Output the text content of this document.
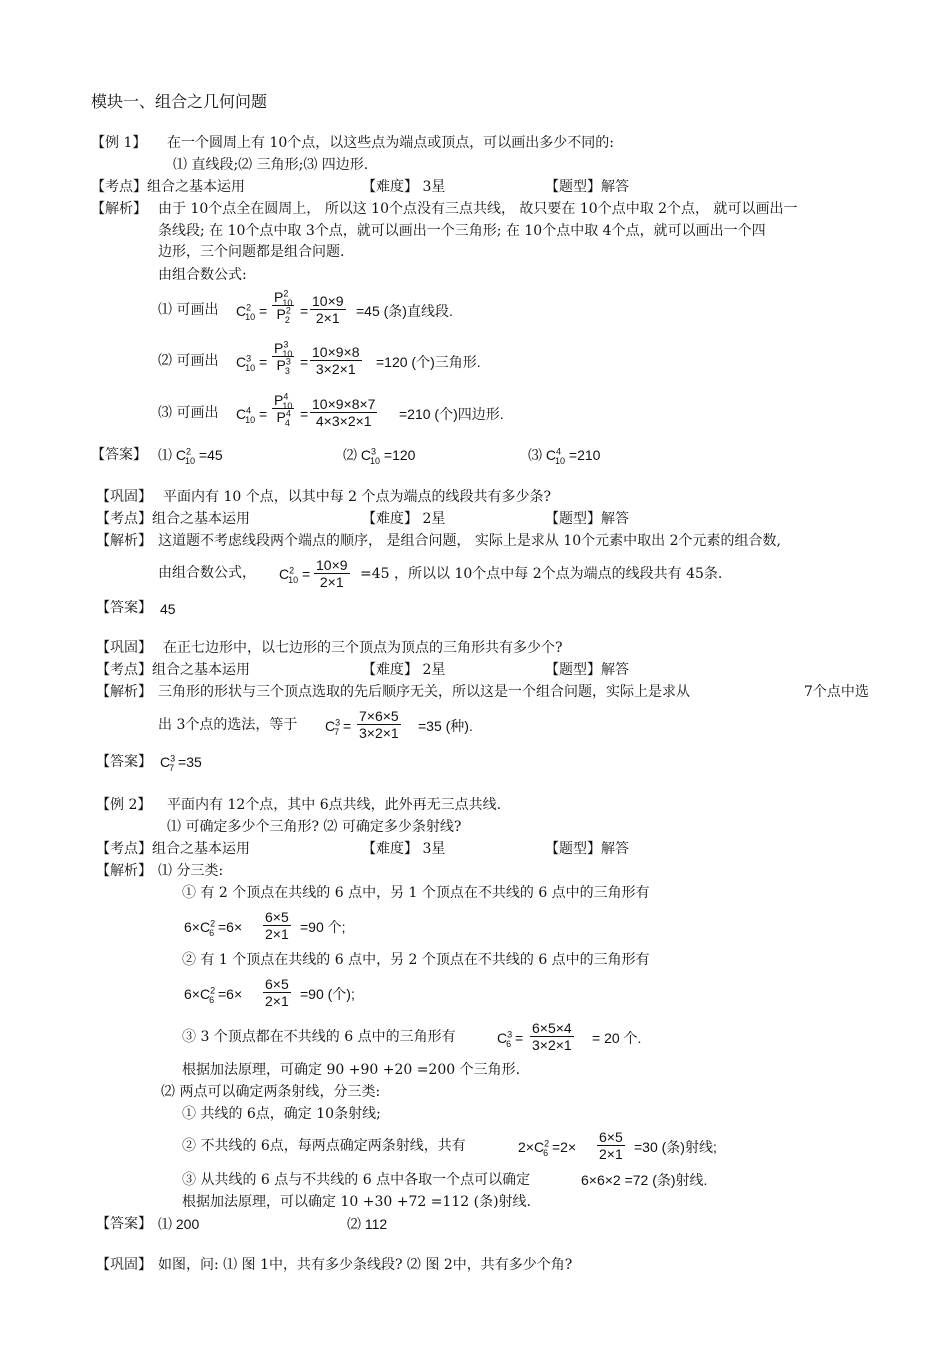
模块一、组合之几何问题
【例 1】 在一个圆周上有 10个点，以这些点为端点或顶点，可以画出多少不同的:
⑴ 直线段;⑵ 三角形;⑶ 四边形.
【考点】组合之基本运用	【难度】 3星	【题型】解答
【解析】 由于 10个点全在圆周上， 所以这 10个点没有三点共线， 故只要在 10个点中取 2个点， 就可以画出一
条线段; 在 10个点中取 3个点，就可以画出一个三角形; 在 10个点中取 4个点，就可以画出一个四
边形，三个问题都是组合问题.
由组合数公式:
⑴ 可画出 $C^2_{10} = \frac{P^2_{10}}{P^2_2} = \frac{10\times 9}{2\times 1} =45$ (条)直线段.
⑵ 可画出 $C^3_{10} = \frac{P^3_{10}}{P^3_3} = \frac{10\times 9\times 8}{3\times 2\times 1} =120$ (个)三角形.
⑶ 可画出 $C^4_{10} = \frac{P^4_{10}}{P^4_4} = \frac{10\times 9\times 8\times 7}{4\times 3\times 2\times 1} =210$ (个)四边形.
【答案】 ⑴ $C^2_{10} =45$	⑵ $C^3_{10} =120$	⑶ $C^4_{10} =210$
【巩固】 平面内有 10 个点，以其中每 2 个点为端点的线段共有多少条?
【考点】组合之基本运用	【难度】 2星	【题型】解答
【解析】 这道题不考虑线段两个端点的顺序， 是组合问题， 实际上是求从 10个元素中取出 2个元素的组合数,
由组合数公式， $C^2_{10} = \frac{10\times 9}{2\times 1} =45$ ，所以以 10个点中每 2个点为端点的线段共有 45条.
【答案】 45
【巩固】 在正七边形中，以七边形的三个顶点为顶点的三角形共有多少个?
【考点】组合之基本运用	【难度】 2星	【题型】解答
【解析】 三角形的形状与三个顶点选取的先后顺序无关，所以这是一个组合问题，实际上是求从	7个点中选
出 3个点的选法，等于 $C^3_7 = \frac{7\times 6\times 5}{3\times 2\times 1} =35$ (种).
【答案】 $C^3_7 =35$
【例 2】 平面内有 12个点，其中 6点共线，此外再无三点共线.
⑴ 可确定多少个三角形? ⑵ 可确定多少条射线?
【考点】组合之基本运用	【难度】 3星	【题型】解答
【解析】 ⑴ 分三类:
① 有 2 个顶点在共线的 6 点中，另 1 个顶点在不共线的 6 点中的三角形有
$6\times C^2_6 =6\times \frac{6\times 5}{2\times 1} =90$ 个;
② 有 1 个顶点在共线的 6 点中，另 2 个顶点在不共线的 6 点中的三角形有
$6\times C^2_6 =6\times \frac{6\times 5}{2\times 1} =90$ (个);
③ 3 个顶点都在不共线的 6 点中的三角形有	$C^3_6 = \frac{6\times 5\times 4}{3\times 2\times 1} = 20$ 个.
根据加法原理，可确定 90 +90 +20 =200 个三角形.
⑵ 两点可以确定两条射线，分三类:
① 共线的 6点，确定 10条射线;
② 不共线的 6点，每两点确定两条射线，共有	$2\times C^2_6 =2\times \frac{6\times 5}{2\times 1} =30$ (条)射线;
③ 从共线的 6 点与不共线的 6 点中各取一个点可以确定	6×6×2 =72 (条)射线.
根据加法原理，可以确定 10 +30 +72 =112 (条)射线.
【答案】 ⑴ 200	⑵ 112
【巩固】 如图，问: ⑴ 图 1中，共有多少条线段? ⑵ 图 2中，共有多少个角?
